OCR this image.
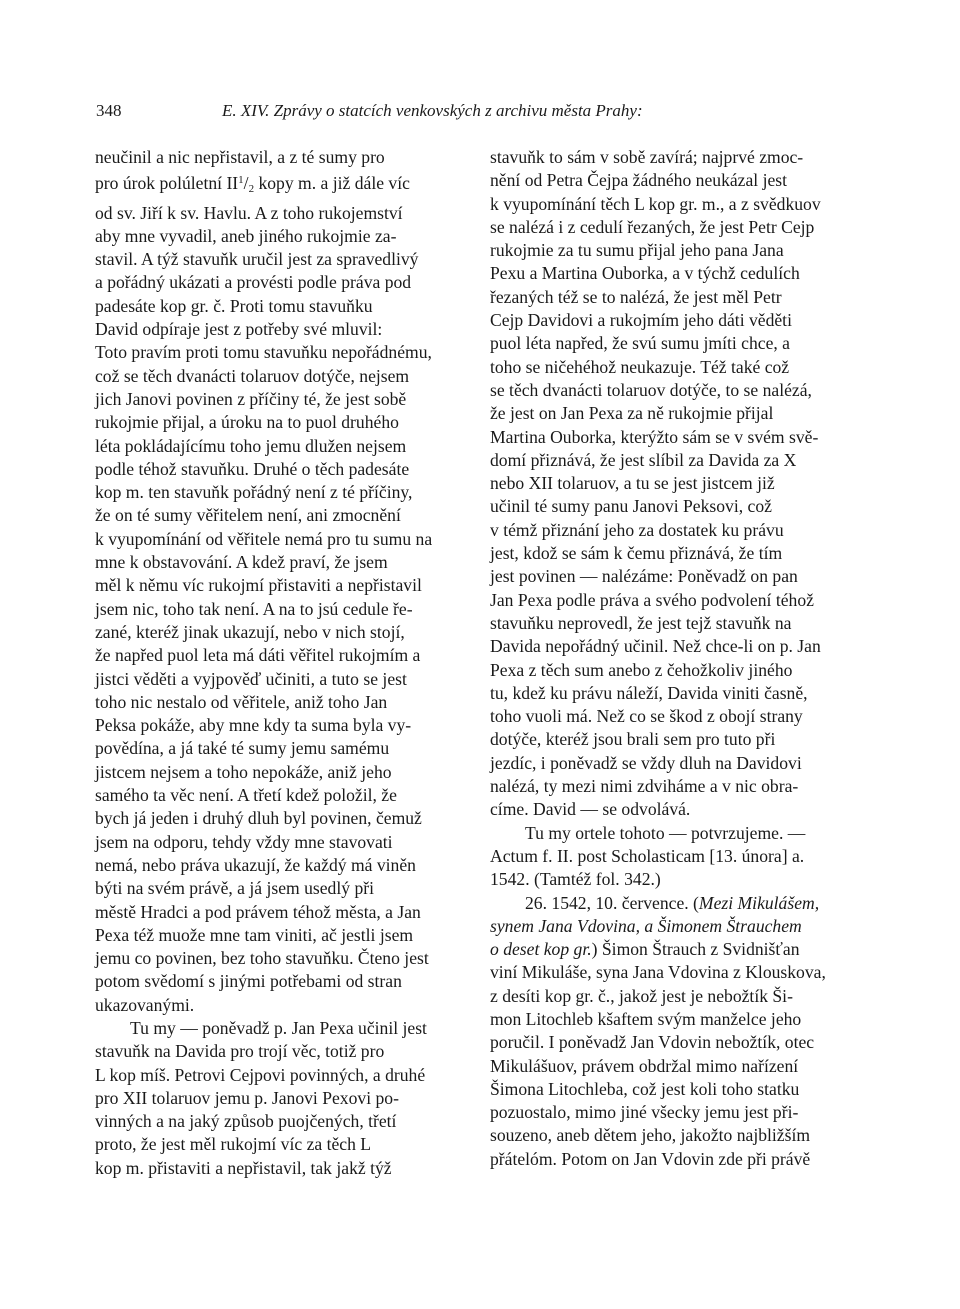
348	E. XIV. Zprávy o statcích venkovských z archivu města Prahy:

neučinil a nic nepřistavil, a z té sumy pro
pro úrok polúletní $II^1/_2$ kopy m. a již dále víc
od sv. Jiří k sv. Havlu. A z toho rukojemství
aby mne vyvadil, aneb jiného rukojmie za-
stavil. A týž stavuňk uručil jest za spravedlivý
a pořádný ukázati a provésti podle práva pod
padesáte kop gr. č. Proti tomu stavuňku
David odpíraje jest z potřeby své mluvil:
Toto pravím proti tomu stavuňku nepořádnému,
což se těch dvanácti tolaruov dotýče, nejsem
jich Janovi povinen z příčiny té, že jest sobě
rukojmie přijal, a úroku na to puol druhého
léta pokládajícímu toho jemu dlužen nejsem
podle téhož stavuňku. Druhé o těch padesáte
kop m. ten stavuňk pořádný není z té příčiny,
že on té sumy věřitelem není, ani zmocnění
k vyupomínání od věřitele nemá pro tu sumu na
mne k obstavování. A kdež praví, že jsem
měl k němu víc rukojmí přistaviti a nepřistavil
jsem nic, toho tak není. A na to jsú cedule ře-
zané, kteréž jinak ukazují, nebo v nich stojí,
že napřed puol leta má dáti věřitel rukojmím a
jistci věděti a vyjpověď učiniti, a tuto se jest
toho nic nestalo od věřitele, aniž toho Jan
Peksa pokáže, aby mne kdy ta suma byla vy-
povědína, a já také té sumy jemu samému
jistcem nejsem a toho nepokáže, aniž jeho
samého ta věc není. A třetí kdež položil, že
bych já jeden i druhý dluh byl povinen, čemuž
jsem na odporu, tehdy vždy mne stavovati
nemá, nebo práva ukazují, že každý má viněn
býti na svém právě, a já jsem usedlý při
městě Hradci a pod právem téhož města, a Jan
Pexa též muože mne tam viniti, ač jestli jsem
jemu co povinen, bez toho stavuňku. Čteno jest
potom svědomí s jinými potřebami od stran
ukazovanými.

Tu my — poněvadž p. Jan Pexa učinil jest
stavuňk na Davida pro trojí věc, totiž pro
L kop míš. Petrovi Cejpovi povinných, a druhé
pro XII tolaruov jemu p. Janovi Pexovi po-
vinných a na jaký způsob puojčených, třetí
proto, že jest měl rukojmí víc za těch L
kop m. přistaviti a nepřistavil, tak jakž týž

stavuňk to sám v sobě zavírá; najprvé zmoc-
nění od Petra Čejpa žádného neukázal jest
k vyupomínání těch L kop gr. m., a z svědkuov
se nalézá i z cedulí řezaných, že jest Petr Cejp
rukojmie za tu sumu přijal jeho pana Jana
Pexu a Martina Ouborka, a v týchž cedulích
řezaných též se to nalézá, že jest měl Petr
Cejp Davidovi a rukojmím jeho dáti věděti
puol léta napřed, že svú sumu jmíti chce, a
toho se ničehéhož neukazuje. Též také což
se těch dvanácti tolaruov dotýče, to se nalézá,
že jest on Jan Pexa za ně rukojmie přijal
Martina Ouborka, kterýžto sám se v svém svě-
domí přiznává, že jest slíbil za Davida za X
nebo XII tolaruov, a tu se jest jistcem již
učinil té sumy panu Janovi Peksovi, což
v témž přiznání jeho za dostatek ku právu
jest, kdož se sám k čemu přiznává, že tím
jest povinen — nalézáme: Poněvadž on pan
Jan Pexa podle práva a svého podvolení téhož
stavuňku neprovedl, že jest tejž stavuňk na
Davida nepořádný učinil. Než chce-li on p. Jan
Pexa z těch sum anebo z čehožkoliv jiného
tu, kdež ku právu náleží, Davida viniti časně,
toho vuoli má. Než co se škod z obojí strany
dotýče, kteréž jsou brali sem pro tuto při
jezdíc, i poněvadž se vždy dluh na Davidovi
nalézá, ty mezi nimi zdviháme a v nic obra-
címe. David — se odvolává.

Tu my ortele tohoto — potvrzujeme. —
Actum f. II. post Scholasticam [13. února] a.
1542. (Tamtéž fol. 342.)

26. 1542, 10. července. (Mezi Mikulášem,
synem Jana Vdovina, a Šimonem Štrauchem
o deset kop gr.) Šimon Štrauch z Svidnišťan
viní Mikuláše, syna Jana Vdovina z Klouskova,
z desíti kop gr. č., jakož jest je nebožtík Ši-
mon Litochleb kšaftem svým manželce jeho
poručil. I poněvadž Jan Vdovin nebožtík, otec
Mikulášuov, právem obdržal mimo nařízení
Šimona Litochleba, což jest koli toho statku
pozuostalo, mimo jiné všecky jemu jest při-
souzeno, aneb dětem jeho, jakožto najbližším
přátelóm. Potom on Jan Vdovin zde při právě
